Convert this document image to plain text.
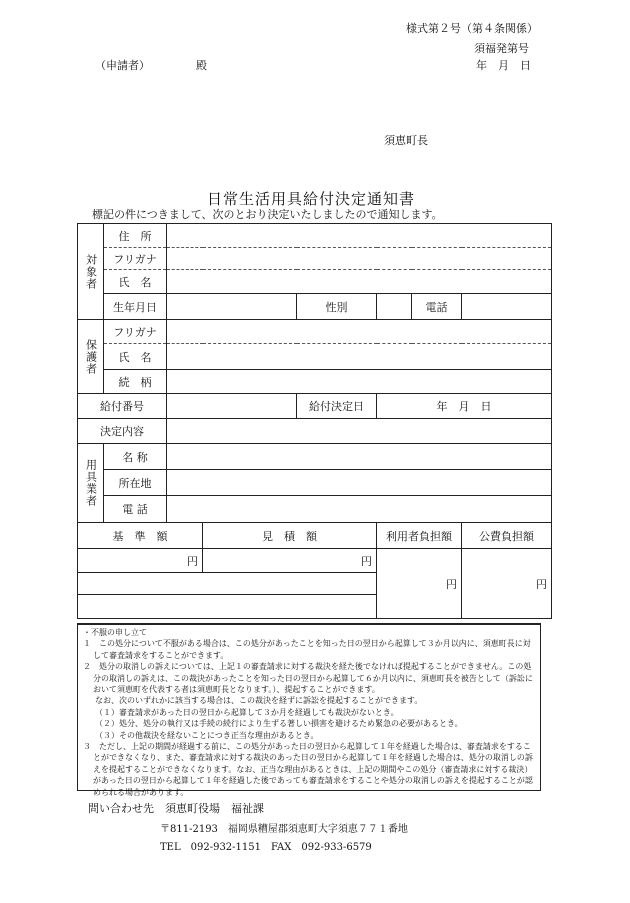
様式第２号（第４条関係）
須福発第号
（申請者）	殿	年　月　日
須恵町長
日常生活用具給付決定通知書
標記の件につきまして、次のとおり決定いたしましたので通知します。
対象者	住　所						
	フリガナ						
	氏　名						
	生年月日			性別		電話	
保護者	フリガナ						
	氏　名						
	続　柄						
給付番号				給付決定日	年　月　日		
決定内容							
用具業者	名 称						
	所在地						
	電 話						
基　準　額			見　積　額		利用者負担額		公費負担額
円			円		円		円

・不服の申し立て
１　この処分について不服がある場合は、この処分があったことを知った日の翌日から起算して３か月以内に、須恵町長に対して審査請求をすることができます。
２　処分の取消しの訴えについては、上記１の審査請求に対する裁決を経た後でなければ提起することができません。この処分の取消しの訴えは、この裁決があったことを知った日の翌日から起算して６か月以内に、須恵町長を被告として（訴訟において須恵町を代表する者は須恵町長となります。）、提起することができます。
なお、次のいずれかに該当する場合は、この裁決を経ずに訴訟を提起することができます。
（１）審査請求があった日の翌日から起算して３か月を経過しても裁決がないとき。
（２）処分、処分の執行又は手続の続行により生ずる著しい損害を避けるため緊急の必要があるとき。
（３）その他裁決を経ないことにつき正当な理由があるとき。
３　ただし、上記の期間が経過する前に、この処分があった日の翌日から起算して１年を経過した場合は、審査請求をすることができなくなり、また、審査請求に対する裁決のあった日の翌日から起算して１年を経過した場合は、処分の取消しの訴えを提起することができなくなります。なお、正当な理由があるときは、上記の期間やこの処分（審査請求に対する裁決）があった日の翌日から起算して１年を経過した後であっても審査請求をすることや処分の取消しの訴えを提起することが認められる場合があります。
問い合わせ先　須恵町役場　福祉課
〒811-2193　福岡県糟屋郡須恵町大字須恵７７１番地
TEL　092-932-1151　FAX　092-933-6579
